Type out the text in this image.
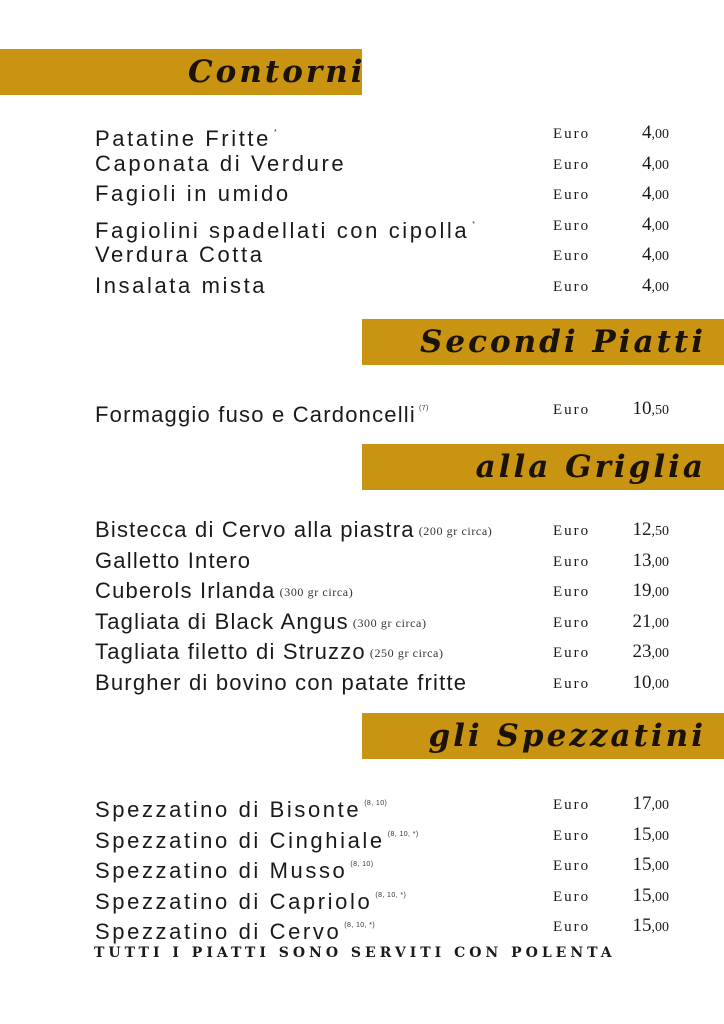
Contorni
Secondi Piatti
alla Griglia
gli Spezzatini
Patatine Fritte *	Euro	4,00
Caponata di Verdure	Euro	4,00
Fagioli in umido	Euro	4,00
Fagiolini spadellati con cipolla *	Euro	4,00
Verdura Cotta	Euro	4,00
Insalata mista	Euro	4,00
Formaggio fuso e Cardoncelli $^{(7)}$	Euro	10,50
Bistecca di Cervo alla piastra (200 gr circa)	Euro	12,50
Galletto Intero	Euro	13,00
Cuberols Irlanda (300 gr circa)	Euro	19,00
Tagliata di Black Angus (300 gr circa)	Euro	21,00
Tagliata filetto di Struzzo (250 gr circa)	Euro	23,00
Burgher di bovino con patate fritte	Euro	10,00
Spezzatino di Bisonte $^{(8, 10)}$	Euro	17,00
Spezzatino di Cinghiale $^{(8, 10, *)}$	Euro	15,00
Spezzatino di Musso $^{(8, 10)}$	Euro	15,00
Spezzatino di Capriolo $^{(8, 10, *)}$	Euro	15,00
Spezzatino di Cervo $^{(8, 10, *)}$	Euro	15,00
TUTTI I PIATTI SONO SERVITI CON POLENTA
